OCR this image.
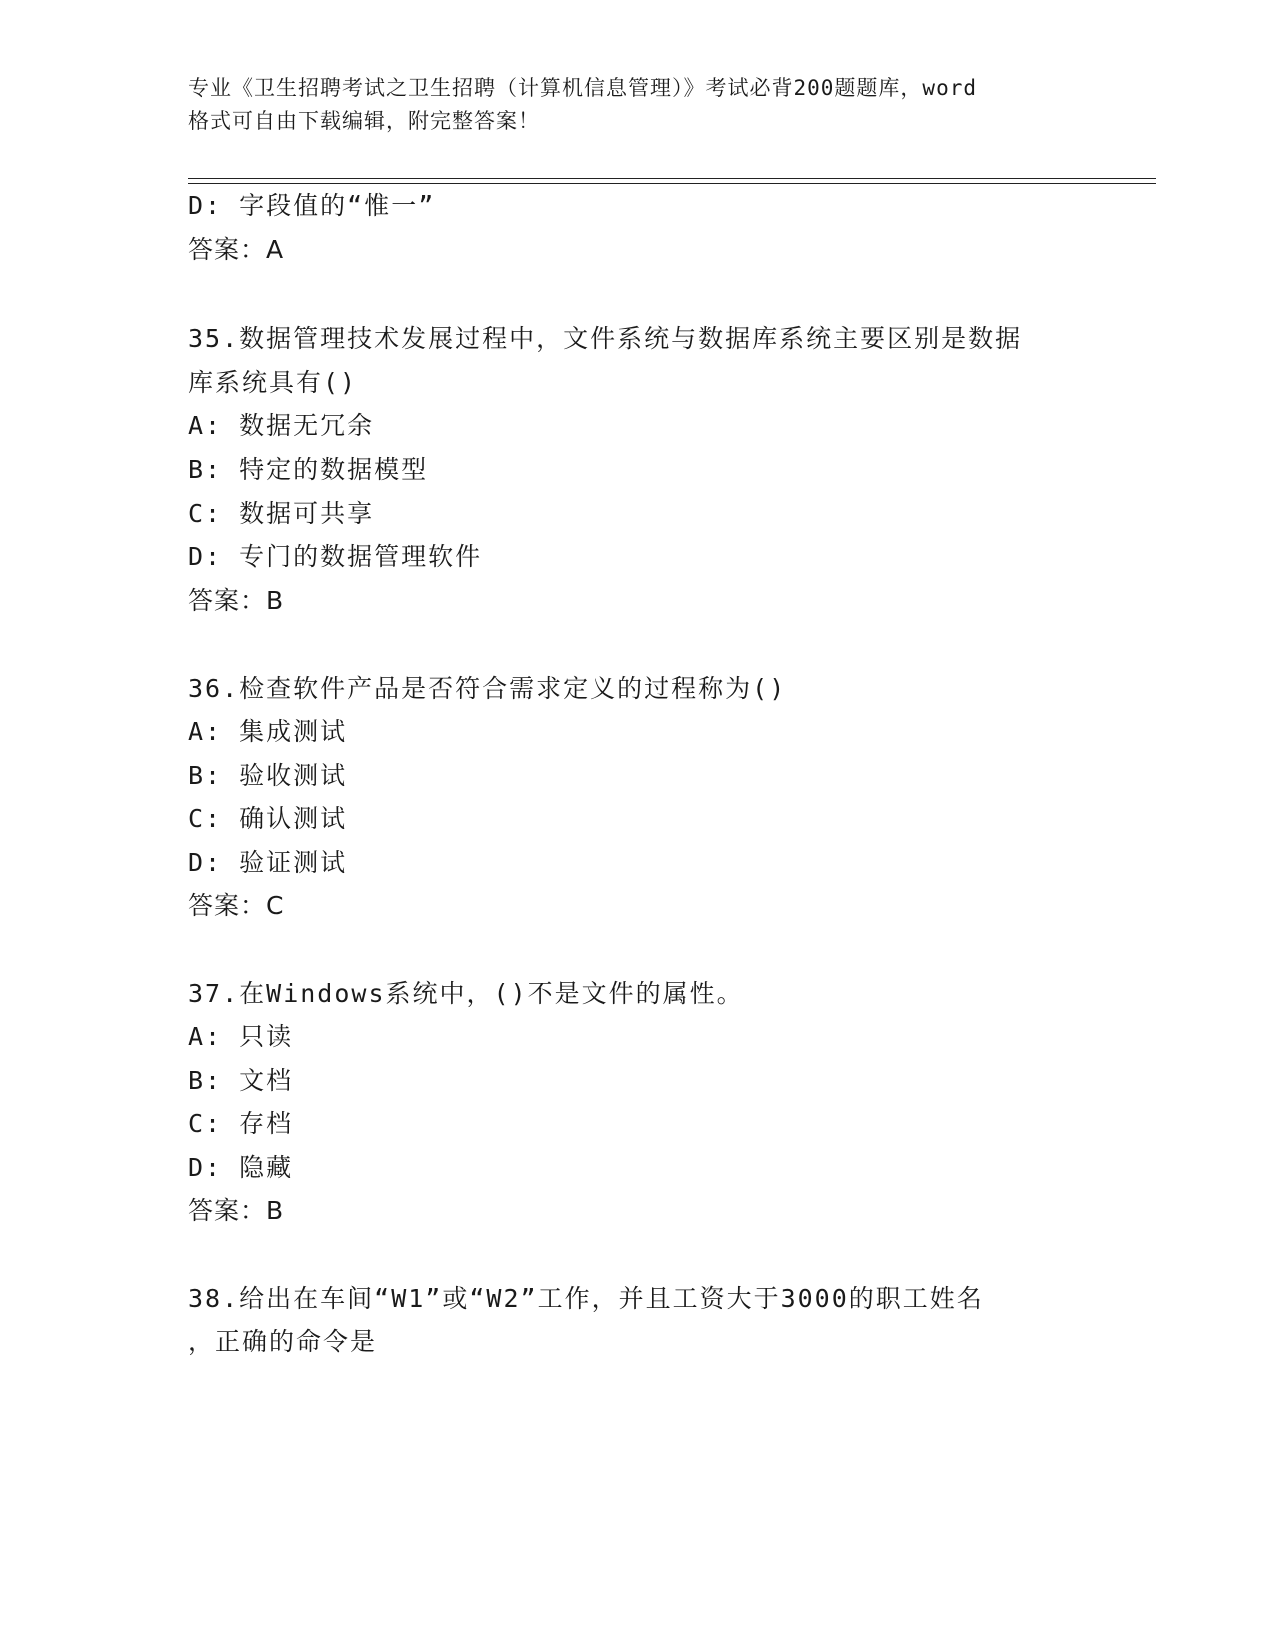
专业《卫生招聘考试之卫生招聘（计算机信息管理）》考试必背200题题库，word
格式可自由下载编辑，附完整答案！
D: 字段值的“惟一”
答案：A
35.数据管理技术发展过程中，文件系统与数据库系统主要区别是数据
库系统具有()
A: 数据无冗余
B: 特定的数据模型
C: 数据可共享
D: 专门的数据管理软件
答案：B
36.检查软件产品是否符合需求定义的过程称为()
A: 集成测试
B: 验收测试
C: 确认测试
D: 验证测试
答案：C
37.在Windows系统中，()不是文件的属性。
A: 只读
B: 文档
C: 存档
D: 隐藏
答案：B
38.给出在车间“W1”或“W2”工作，并且工资大于3000的职工姓名
，正确的命令是
